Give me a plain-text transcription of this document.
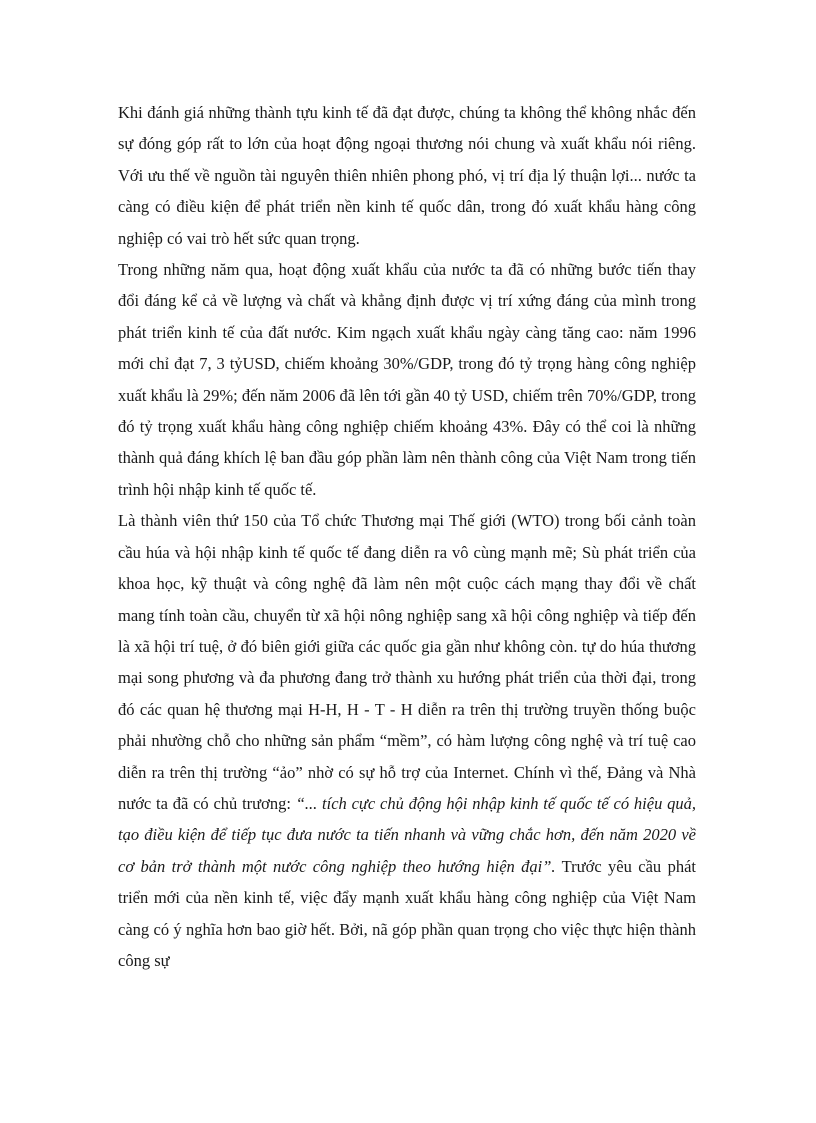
Khi đánh giá những thành tựu kinh tế đã đạt được, chúng ta không thể không nhắc đến sự đóng góp rất to lớn của hoạt động ngoại thương nói chung và xuất khẩu nói riêng. Với ưu thế về nguồn tài nguyên thiên nhiên phong phó, vị trí địa lý thuận lợi... nước ta càng có điều kiện để phát triển nền kinh tế quốc dân, trong đó xuất khẩu hàng công nghiệp có vai trò hết sức quan trọng.

Trong những năm qua, hoạt động xuất khẩu của nước ta đã có những bước tiến thay đổi đáng kể cả về lượng và chất và khẳng định được vị trí xứng đáng của mình trong phát triển kinh tế của đất nước. Kim ngạch xuất khẩu ngày càng tăng cao: năm 1996 mới chỉ đạt 7, 3 tỷUSD, chiếm khoảng 30%/GDP, trong đó tỷ trọng hàng công nghiệp xuất khẩu là 29%; đến năm 2006 đã lên tới gần 40 tỷ USD, chiếm trên 70%/GDP, trong đó tỷ trọng xuất khẩu hàng công nghiệp chiếm khoảng 43%. Đây có thể coi là những thành quả đáng khích lệ ban đầu góp phần làm nên thành công của Việt Nam trong tiến trình hội nhập kinh tế quốc tế.

Là thành viên thứ 150 của Tổ chức Thương mại Thế giới (WTO) trong bối cảnh toàn cầu húa và hội nhập kinh tế quốc tế đang diễn ra vô cùng mạnh mẽ; Sù phát triển của khoa học, kỹ thuật và công nghệ đã làm nên một cuộc cách mạng thay đổi về chất mang tính toàn cầu, chuyển từ xã hội nông nghiệp sang xã hội công nghiệp và tiếp đến là xã hội trí tuệ, ở đó biên giới giữa các quốc gia gần như không còn. tự do húa thương mại song phương và đa phương đang trở thành xu hướng phát triển của thời đại, trong đó các quan hệ thương mại H-H, H - T - H diễn ra trên thị trường truyền thống buộc phải nhường chỗ cho những sản phẩm “mềm”, có hàm lượng công nghệ và trí tuệ cao diễn ra trên thị trường “ảo” nhờ có sự hỗ trợ của Internet. Chính vì thế, Đảng và Nhà nước ta đã có chủ trương: “... tích cực chủ động hội nhập kinh tế quốc tế có hiệu quả, tạo điều kiện để tiếp tục đưa nước ta tiến nhanh và vững chắc hơn, đến năm 2020 về cơ bản trở thành một nước công nghiệp theo hướng hiện đại”. Trước yêu cầu phát triển mới của nền kinh tế, việc đẩy mạnh xuất khẩu hàng công nghiệp của Việt Nam càng có ý nghĩa hơn bao giờ hết. Bởi, nã góp phần quan trọng cho việc thực hiện thành công sự
